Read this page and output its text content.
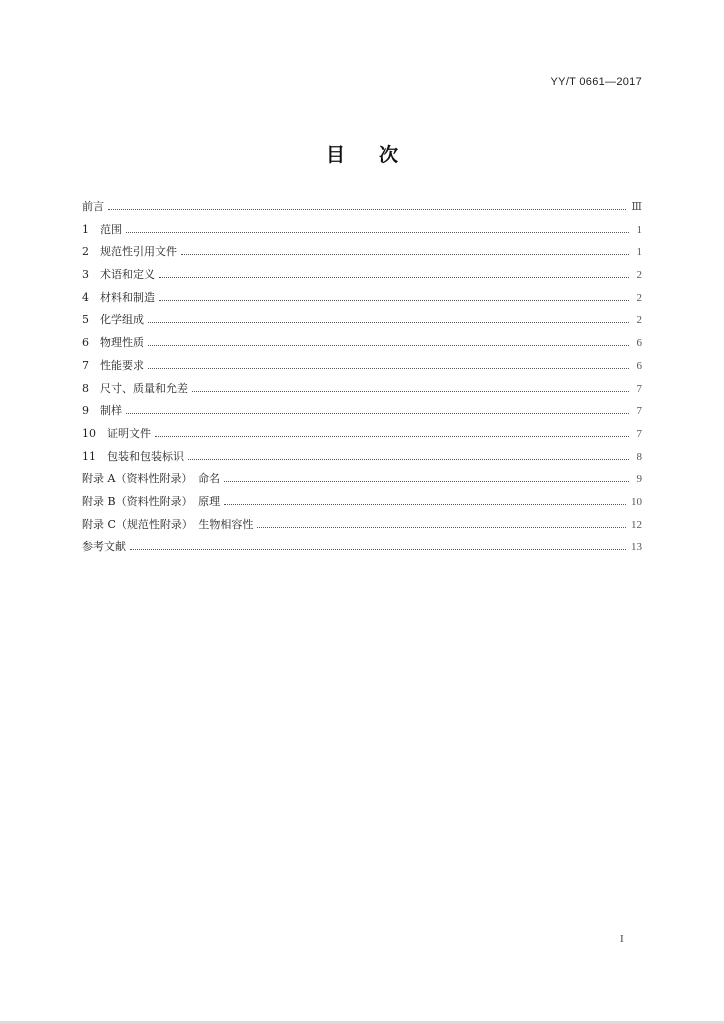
YY/T 0661—2017
目 次
前言	Ⅲ
1　范围	1
2　规范性引用文件	1
3　术语和定义	2
4　材料和制造	2
5　化学组成	2
6　物理性质	6
7　性能要求	6
8　尺寸、质量和允差	7
9　制样	7
10　证明文件	7
11　包装和包装标识	8
附录 A（资料性附录）　命名	9
附录 B（资料性附录）　原理	10
附录 C（规范性附录）　生物相容性	12
参考文献	13
I
